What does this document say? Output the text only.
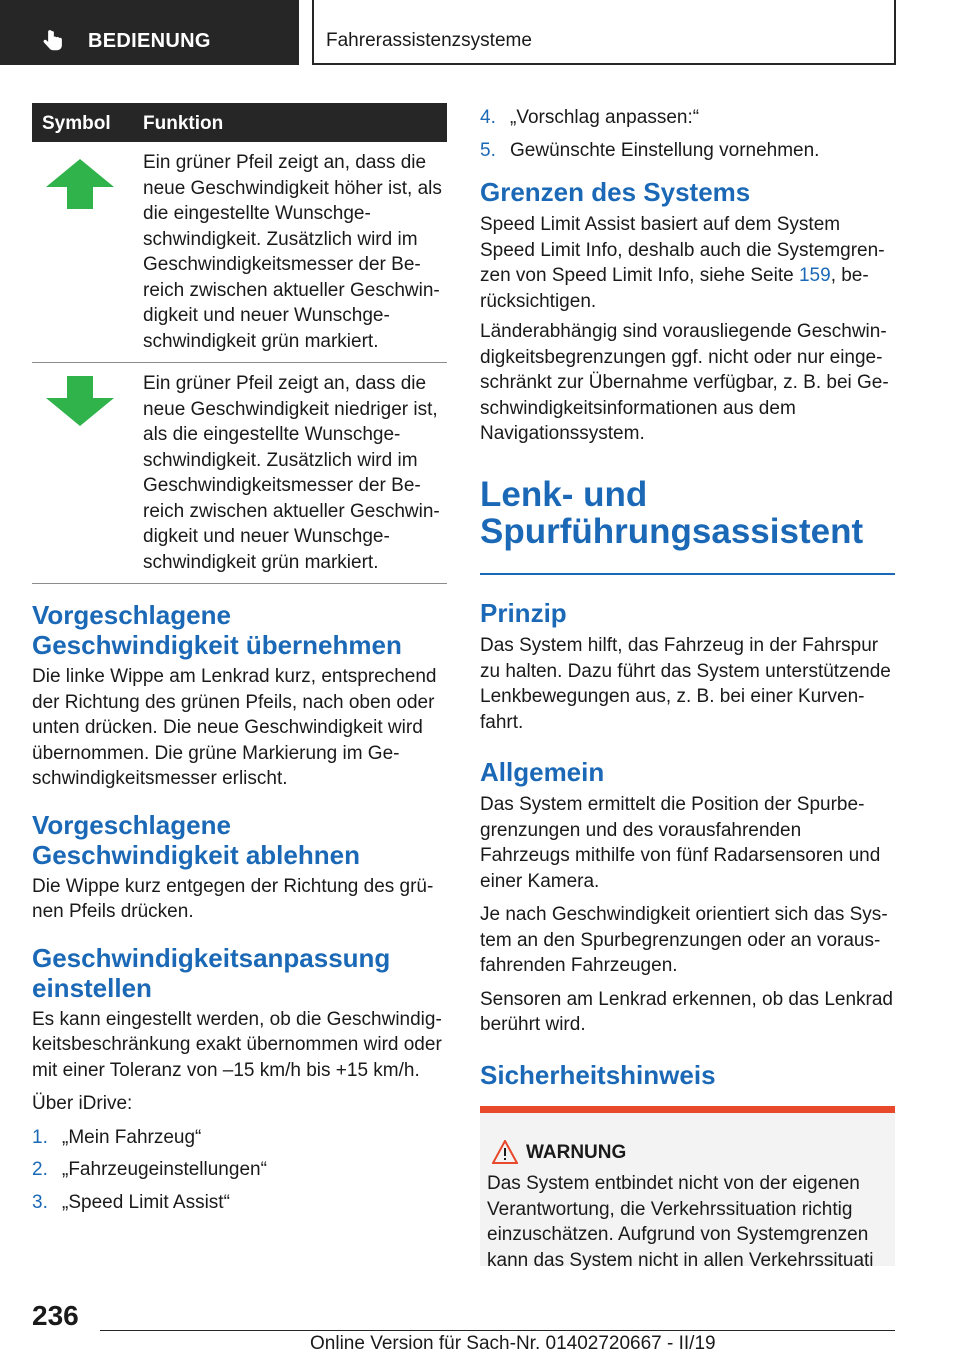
BEDIENUNG	Fahrerassistenzsysteme
Symbol Funktion
Ein grüner Pfeil zeigt an, dass die neue Geschwindigkeit höher ist, als die eingestellte Wunschgeschwindigkeit. Zusätzlich wird im Geschwindigkeitsmesser der Bereich zwischen aktueller Geschwindigkeit und neuer Wunschgeschwindigkeit grün markiert.
Ein grüner Pfeil zeigt an, dass die neue Geschwindigkeit niedriger ist, als die eingestellte Wunschgeschwindigkeit. Zusätzlich wird im Geschwindigkeitsmesser der Bereich zwischen aktueller Geschwindigkeit und neuer Wunschgeschwindigkeit grün markiert.
Vorgeschlagene
Geschwindigkeit übernehmen

Die linke Wippe am Lenkrad kurz, entsprechend der Richtung des grünen Pfeils, nach oben oder unten drücken. Die neue Geschwindigkeit wird übernommen. Die grüne Markierung im Geschwindigkeitsmesser erlischt.

Vorgeschlagene
Geschwindigkeit ablehnen

Die Wippe kurz entgegen der Richtung des grünen Pfeils drücken.

Geschwindigkeitsanpassung
einstellen

Es kann eingestellt werden, ob die Geschwindigkeitsbeschränkung exakt übernommen wird oder mit einer Toleranz von –15 km/h bis +15 km/h.

Über iDrive:

1. „Mein Fahrzeug“
2. „Fahrzeugeinstellungen“
3. „Speed Limit Assist“
4. „Vorschlag anpassen:“
5. Gewünschte Einstellung vornehmen.
Grenzen des Systems

Speed Limit Assist basiert auf dem System Speed Limit Info, deshalb auch die Systemgrenzen von Speed Limit Info, siehe Seite 159, berücksichtigen.

Länderabhängig sind vorausliegende Geschwindigkeitsbegrenzungen ggf. nicht oder nur eingeschränkt zur Übernahme verfügbar, z. B. bei Geschwindigkeitsinformationen aus dem Navigationssystem.

Lenk- und
Spurführungsassistent
Prinzip

Das System hilft, das Fahrzeug in der Fahrspur zu halten. Dazu führt das System unterstützende Lenkbewegungen aus, z. B. bei einer Kurvenfahrt.

Allgemein

Das System ermittelt die Position der Spurbegrenzungen und des vorausfahrenden Fahrzeugs mithilfe von fünf Radarsensoren und einer Kamera.

Je nach Geschwindigkeit orientiert sich das System an den Spurbegrenzungen oder an vorausfahrenden Fahrzeugen.

Sensoren am Lenkrad erkennen, ob das Lenkrad berührt wird.

Sicherheitshinweis
WARNUNG

Das System entbindet nicht von der eigenen Verantwortung, die Verkehrssituation richtig einzuschätzen. Aufgrund von Systemgrenzen kann das System nicht in allen Verkehrssituati

236
Online Version für Sach-Nr. 01402720667 - II/19
